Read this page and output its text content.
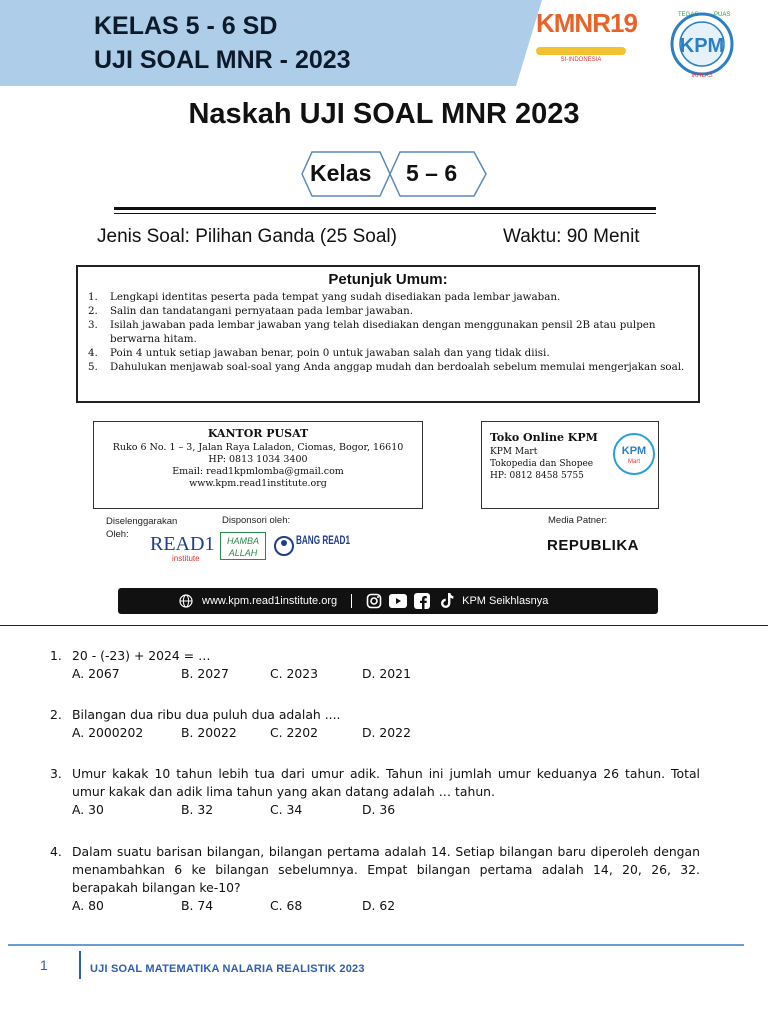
KELAS 5 - 6 SD
UJI SOAL MNR - 2023
KMNR19
SI-INDONESIA
KPM
TEGAS	PUAS
IKHLAS
Naskah UJI SOAL MNR 2023
Kelas 5 – 6
Jenis Soal: Pilihan Ganda (25 Soal)	Waktu: 90 Menit
Petunjuk Umum:
1.	Lengkapi identitas peserta pada tempat yang sudah disediakan pada lembar jawaban.
2.	Salin dan tandatangani pernyataan pada lembar jawaban.
3.	Isilah jawaban pada lembar jawaban yang telah disediakan dengan menggunakan pensil 2B atau pulpen berwarna hitam.
4.	Poin 4 untuk setiap jawaban benar, poin 0 untuk jawaban salah dan yang tidak diisi.
5.	Dahulukan menjawab soal-soal yang Anda anggap mudah dan berdoalah sebelum memulai mengerjakan soal.
KANTOR PUSAT
Ruko 6 No. 1 – 3, Jalan Raya Laladon, Ciomas, Bogor, 16610
HP: 0813 1034 3400
Email: read1kpmlomba@gmail.com
www.kpm.read1institute.org
Toko Online KPM
KPM Mart
Tokopedia dan Shopee
HP: 0812 8458 5755
KPM
Mart
Diselenggarakan Oleh:
Disponsori oleh:	Media Patner:
READ1
institute
HAMBA ALLAH
BANG READ1	REPUBLIKA
www.kpm.read1institute.org	KPM Seikhlasnya
1. 20 - (-23) + 2024 = …
A. 2067	B. 2027	C. 2023	D. 2021
2. Bilangan dua ribu dua puluh dua adalah ....
A. 2000202	B. 20022	C. 2202	D. 2022
3. Umur kakak 10 tahun lebih tua dari umur adik. Tahun ini jumlah umur keduanya 26 tahun. Total umur kakak dan adik lima tahun yang akan datang adalah … tahun.
A. 30	B. 32	C. 34	D. 36
4. Dalam suatu barisan bilangan, bilangan pertama adalah 14. Setiap bilangan baru diperoleh dengan menambahkan 6 ke bilangan sebelumnya. Empat bilangan pertama adalah 14, 20, 26, 32. berapakah bilangan ke-10?
A. 80	B. 74	C. 68	D. 62
1	UJI SOAL MATEMATIKA NALARIA REALISTIK 2023
